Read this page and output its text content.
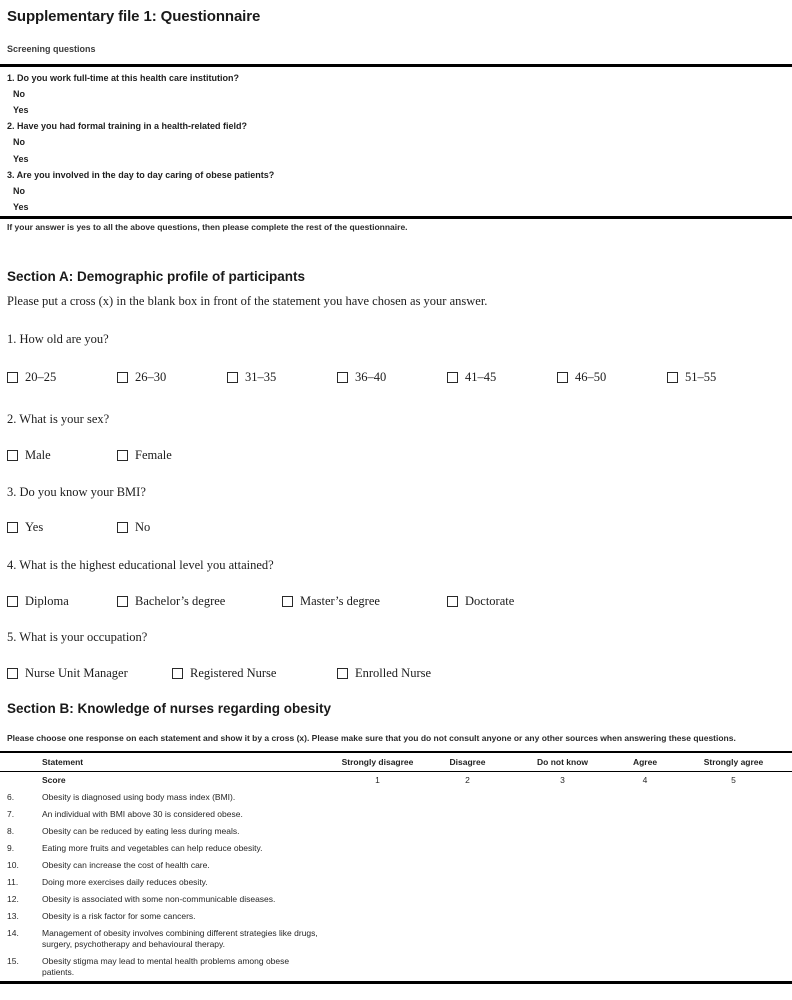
Supplementary file 1: Questionnaire
Screening questions
1. Do you work full-time at this health care institution?
No
Yes
2. Have you had formal training in a health-related field?
No
Yes
3. Are you involved in the day to day caring of obese patients?
No
Yes
If your answer is yes to all the above questions, then please complete the rest of the questionnaire.
Section A: Demographic profile of participants
Please put a cross (x) in the blank box in front of the statement you have chosen as your answer.
1. How old are you?
20–25	26–30	31–35	36–40	41–45	46–50	51–55
2. What is your sex?
Male	Female
3. Do you know your BMI?
Yes	No
4. What is the highest educational level you attained?
Diploma	Bachelor’s degree	Master’s degree	Doctorate
5. What is your occupation?
Nurse Unit Manager	Registered Nurse	Enrolled Nurse
Section B: Knowledge of nurses regarding obesity
Please choose one response on each statement and show it by a cross (x). Please make sure that you do not consult anyone or any other sources when answering these questions.
	Statement	Strongly disagree	Disagree	Do not know	Agree	Strongly agree
	Score	1	2	3	4	5
6.	Obesity is diagnosed using body mass index (BMI).					
7.	An individual with BMI above 30 is considered obese.					
8.	Obesity can be reduced by eating less during meals.					
9.	Eating more fruits and vegetables can help reduce obesity.					
10.	Obesity can increase the cost of health care.					
11.	Doing more exercises daily reduces obesity.					
12.	Obesity is associated with some non-communicable diseases.					
13.	Obesity is a risk factor for some cancers.					
14.	Management of obesity involves combining different strategies like drugs, surgery, psychotherapy and behavioural therapy.					
15.	Obesity stigma may lead to mental health problems among obese patients.					
